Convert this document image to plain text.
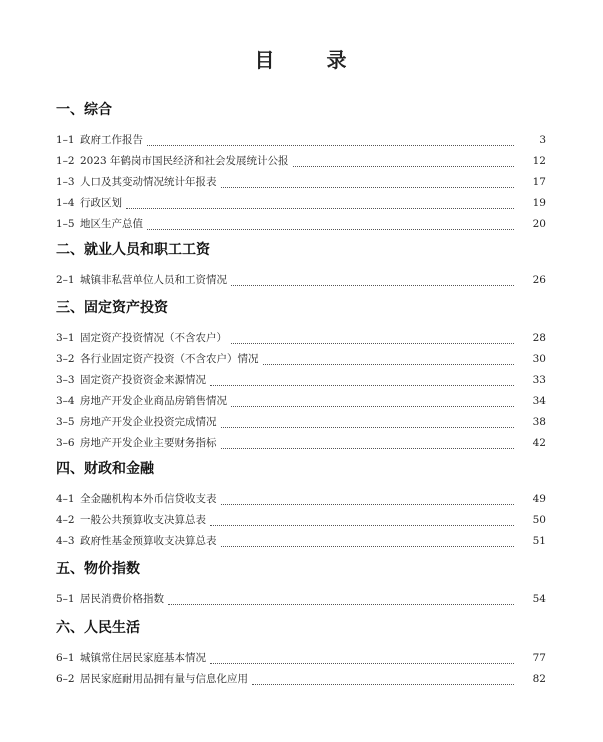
目	录
一、综合
1–1 政府工作报告	3
1–2 2023 年鹤岗市国民经济和社会发展统计公报	12
1–3 人口及其变动情况统计年报表	17
1–4 行政区划	19
1–5 地区生产总值	20
二、就业人员和职工工资
2–1 城镇非私营单位人员和工资情况	26
三、固定资产投资
3–1 固定资产投资情况（不含农户）	28
3–2 各行业固定资产投资（不含农户）情况	30
3–3 固定资产投资资金来源情况	33
3–4 房地产开发企业商品房销售情况	34
3–5 房地产开发企业投资完成情况	38
3–6 房地产开发企业主要财务指标	42
四、财政和金融
4–1 全金融机构本外币信贷收支表	49
4–2 一般公共预算收支决算总表	50
4–3 政府性基金预算收支决算总表	51
五、物价指数
5–1 居民消费价格指数	54
六、人民生活
6–1 城镇常住居民家庭基本情况	77
6–2 居民家庭耐用品拥有量与信息化应用	82
